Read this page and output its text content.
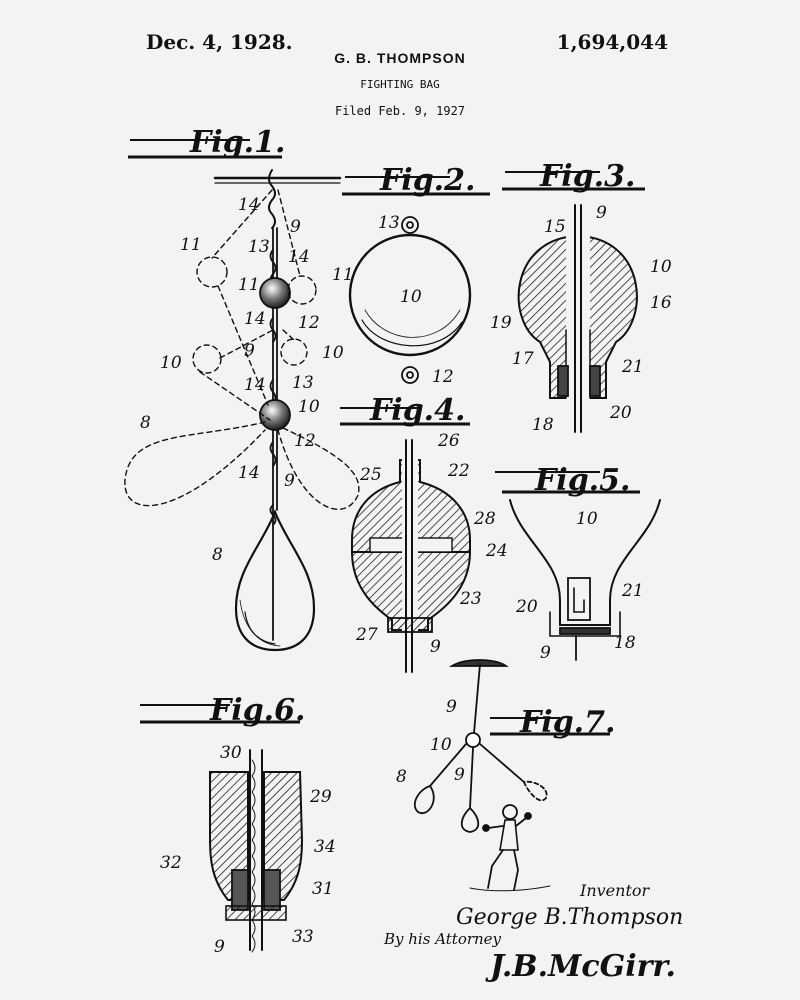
Dec. 4, 1928.	1,694,044
G. B. THOMPSON
FIGHTING BAG
Filed Feb. 9, 1927
Fig.1.
Fig.2. Fig.3.
Fig.4.
Fig.5.
Fig.6.	Fig.7.
14
9
11	13 14
11	11
14 12
9
10	10
14 13
10
8
12
14 9
8
13
10
12
15
9
10
16
19
17	21
18
20
26
25	22
28
24
23
27
9
10
20
21
9	18
30
29
34
32
31
9	33
9
10
8	9
Inventor
George B.Thompson
By his Attorney
J.B.McGirr.
